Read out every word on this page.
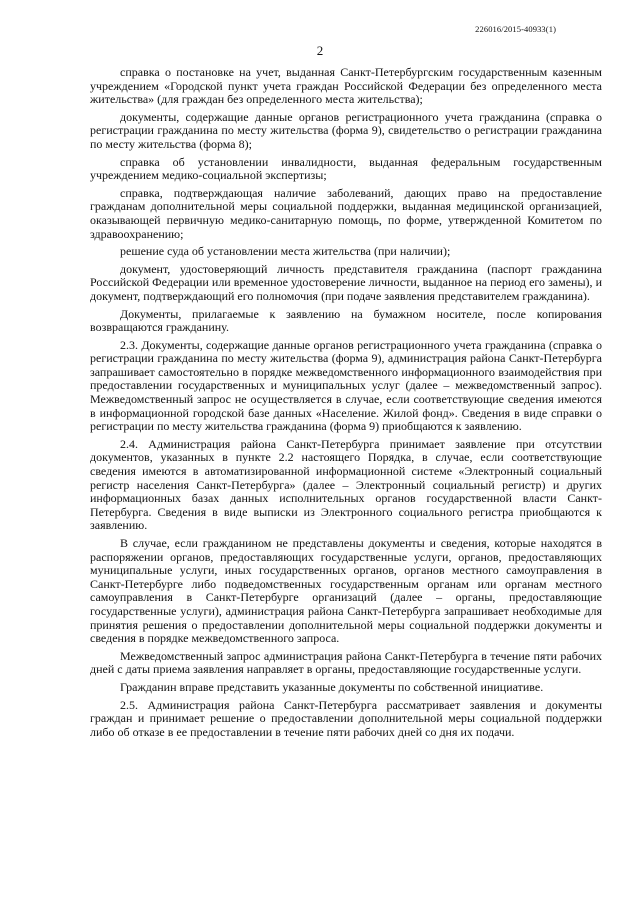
226016/2015-40933(1)
2

справка о постановке на учет, выданная Санкт-Петербургским государственным казенным учреждением «Городской пункт учета граждан Российской Федерации без определенного места жительства» (для граждан без определенного места жительства);

документы, содержащие данные органов регистрационного учета гражданина (справка о регистрации гражданина по месту жительства (форма 9), свидетельство о регистрации гражданина по месту жительства (форма 8);

справка об установлении инвалидности, выданная федеральным государственным учреждением медико-социальной экспертизы;

справка, подтверждающая наличие заболеваний, дающих право на предоставление гражданам дополнительной меры социальной поддержки, выданная медицинской организацией, оказывающей первичную медико-санитарную помощь, по форме, утвержденной Комитетом по здравоохранению;

решение суда об установлении места жительства (при наличии);

документ, удостоверяющий личность представителя гражданина (паспорт гражданина Российской Федерации или временное удостоверение личности, выданное на период его замены), и документ, подтверждающий его полномочия (при подаче заявления представителем гражданина).

Документы, прилагаемые к заявлению на бумажном носителе, после копирования возвращаются гражданину.

2.3. Документы, содержащие данные органов регистрационного учета гражданина (справка о регистрации гражданина по месту жительства (форма 9), администрация района Санкт-Петербурга запрашивает самостоятельно в порядке межведомственного информационного взаимодействия при предоставлении государственных и муниципальных услуг (далее – межведомственный запрос). Межведомственный запрос не осуществляется в случае, если соответствующие сведения имеются в информационной городской базе данных «Население. Жилой фонд». Сведения в виде справки о регистрации по месту жительства гражданина (форма 9) приобщаются к заявлению.

2.4. Администрация района Санкт-Петербурга принимает заявление при отсутствии документов, указанных в пункте 2.2 настоящего Порядка, в случае, если соответствующие сведения имеются в автоматизированной информационной системе «Электронный социальный регистр населения Санкт-Петербурга» (далее – Электронный социальный регистр) и других информационных базах данных исполнительных органов государственной власти Санкт-Петербурга. Сведения в виде выписки из Электронного социального регистра приобщаются к заявлению.

В случае, если гражданином не представлены документы и сведения, которые находятся в распоряжении органов, предоставляющих государственные услуги, органов, предоставляющих муниципальные услуги, иных государственных органов, органов местного самоуправления в Санкт-Петербурге либо подведомственных государственным органам или органам местного самоуправления в Санкт-Петербурге организаций (далее – органы, предоставляющие государственные услуги), администрация района Санкт-Петербурга запрашивает необходимые для принятия решения о предоставлении дополнительной меры социальной поддержки документы и сведения в порядке межведомственного запроса.

Межведомственный запрос администрация района Санкт-Петербурга в течение пяти рабочих дней с даты приема заявления направляет в органы, предоставляющие государственные услуги.

Гражданин вправе представить указанные документы по собственной инициативе.

2.5. Администрация района Санкт-Петербурга рассматривает заявления и документы граждан и принимает решение о предоставлении дополнительной меры социальной поддержки либо об отказе в ее предоставлении в течение пяти рабочих дней со дня их подачи.
